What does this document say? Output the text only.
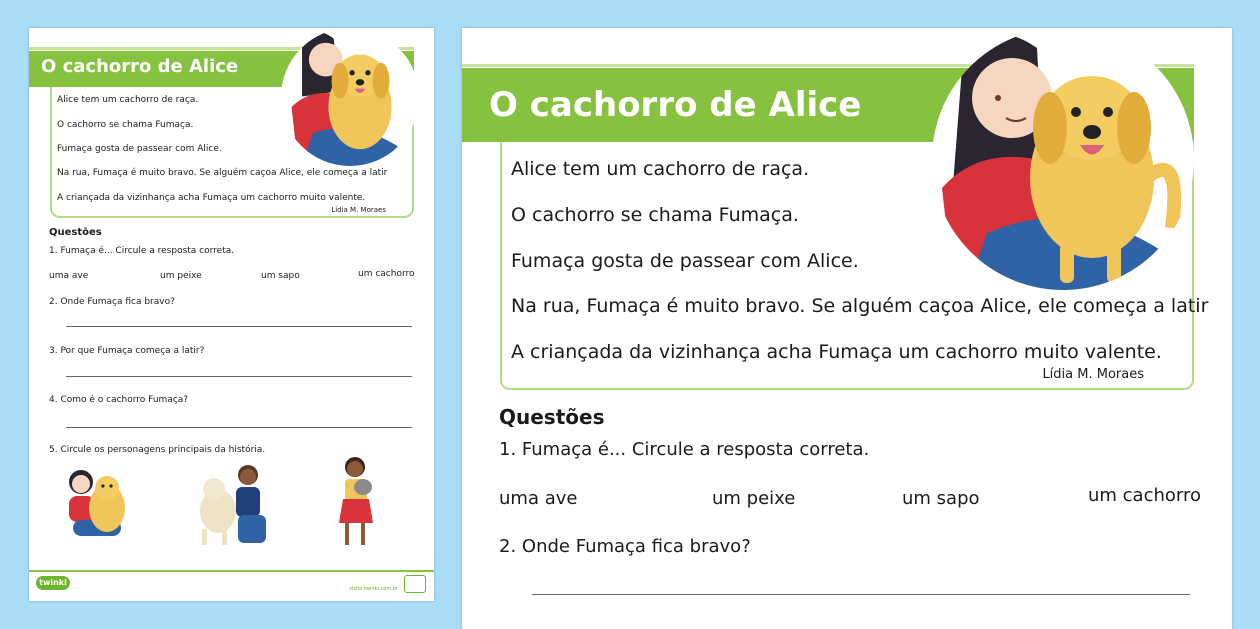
O cachorro de Alice
Alice tem um cachorro de raça.
O cachorro se chama Fumaça.
Fumaça gosta de passear com Alice.
Na rua, Fumaça é muito bravo. Se alguém caçoa Alice, ele começa a latir
A criançada da vizinhança acha Fumaça um cachorro muito valente.
Lídia M. Moraes
Questões
1. Fumaça é... Circule a resposta correta.
uma ave	um peixe	um sapo	um cachorro
2. Onde Fumaça fica bravo?
3. Por que Fumaça começa a latir?
4. Como é o cachorro Fumaça?
5. Circule os personagens principais da história.
twinkl
visite twinkl.com.br
O cachorro de Alice
Alice tem um cachorro de raça.
O cachorro se chama Fumaça.
Fumaça gosta de passear com Alice.
Na rua, Fumaça é muito bravo. Se alguém caçoa Alice, ele começa a latir
A criançada da vizinhança acha Fumaça um cachorro muito valente.
Lídia M. Moraes
Questões
1. Fumaça é... Circule a resposta correta.
uma ave	um peixe	um sapo	um cachorro
2. Onde Fumaça fica bravo?
